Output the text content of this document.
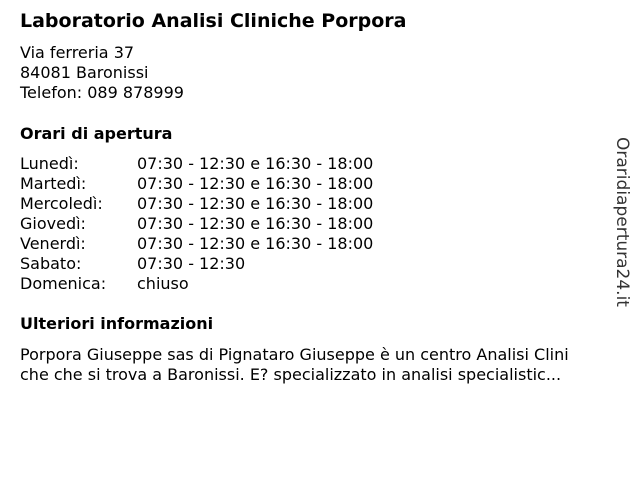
Laboratorio Analisi Cliniche Porpora
Via ferreria 37
84081 Baronissi
Telefon: 089 878999
Orari di apertura
Lunedì:	07:30 - 12:30 e 16:30 - 18:00
Martedì:	07:30 - 12:30 e 16:30 - 18:00
Mercoledì:	07:30 - 12:30 e 16:30 - 18:00
Giovedì:	07:30 - 12:30 e 16:30 - 18:00
Venerdì:	07:30 - 12:30 e 16:30 - 18:00
Sabato:	07:30 - 12:30
Domenica:	chiuso
Ulteriori informazioni
Porpora Giuseppe sas di Pignataro Giuseppe è un centro Analisi Clini
che che si trova a Baronissi. E? specializzato in analisi specialistic...
Oraridiapertura24.it
